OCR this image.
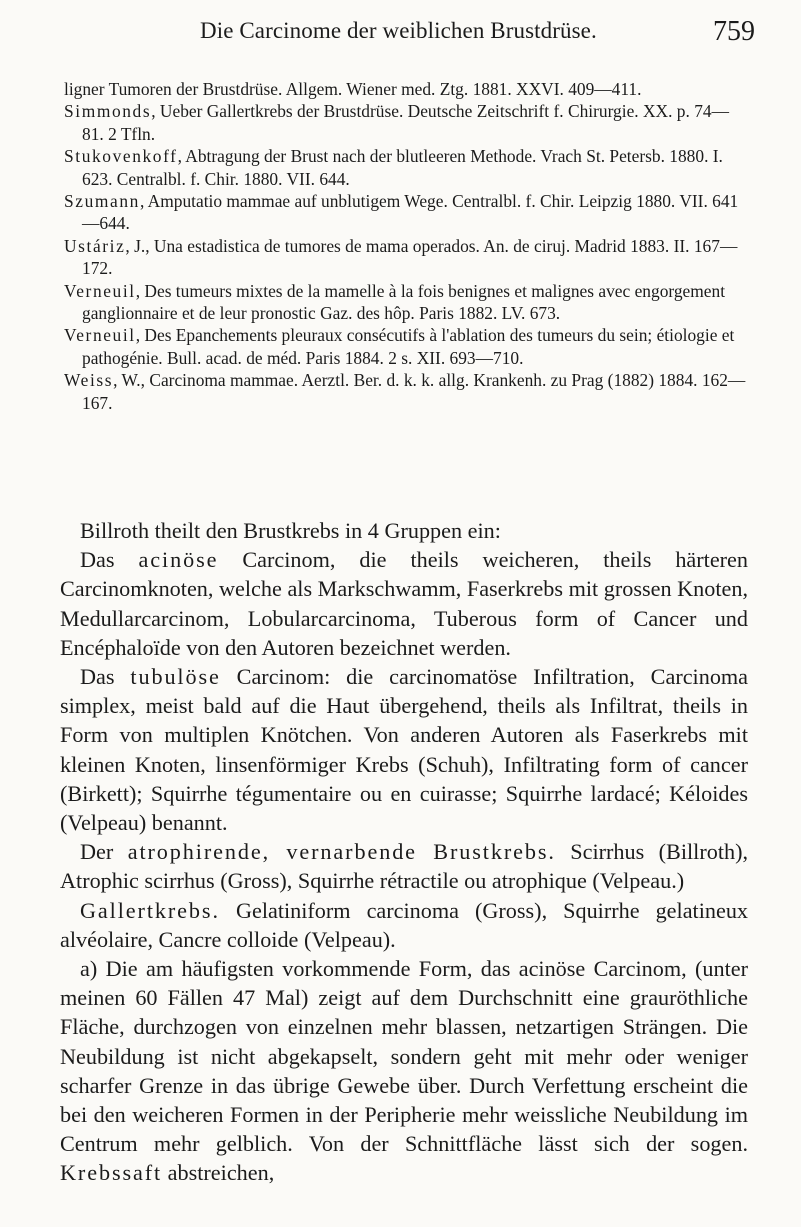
Die Carcinome der weiblichen Brustdrüse.	759

ligner Tumoren der Brustdrüse. Allgem. Wiener med. Ztg. 1881. XXVI. 409—411.

Simmonds, Ueber Gallertkrebs der Brustdrüse. Deutsche Zeitschrift f. Chirurgie. XX. p. 74—81. 2 Tfln.

Stukovenkoff, Abtragung der Brust nach der blutleeren Methode. Vrach St. Petersb. 1880. I. 623. Centralbl. f. Chir. 1880. VII. 644.

Szumann, Amputatio mammae auf unblutigem Wege. Centralbl. f. Chir. Leipzig 1880. VII. 641—644.

Ustáriz, J., Una estadistica de tumores de mama operados. An. de ciruj. Madrid 1883. II. 167—172.

Verneuil, Des tumeurs mixtes de la mamelle à la fois benignes et malignes avec engorgement ganglionnaire et de leur pronostic Gaz. des hôp. Paris 1882. LV. 673.

Verneuil, Des Epanchements pleuraux consécutifs à l'ablation des tumeurs du sein; étiologie et pathogénie. Bull. acad. de méd. Paris 1884. 2 s. XII. 693—710.

Weiss, W., Carcinoma mammae. Aerztl. Ber. d. k. k. allg. Krankenh. zu Prag (1882) 1884. 162—167.

Billroth theilt den Brustkrebs in 4 Gruppen ein:

Das acinöse Carcinom, die theils weicheren, theils härteren Carcinomknoten, welche als Markschwamm, Faserkrebs mit grossen Knoten, Medullarcarcinom, Lobularcarcinoma, Tuberous form of Cancer und Encéphaloïde von den Autoren bezeichnet werden.

Das tubulöse Carcinom: die carcinomatöse Infiltration, Carcinoma simplex, meist bald auf die Haut übergehend, theils als Infiltrat, theils in Form von multiplen Knötchen. Von anderen Autoren als Faserkrebs mit kleinen Knoten, linsenförmiger Krebs (Schuh), Infiltrating form of cancer (Birkett); Squirrhe tégumentaire ou en cuirasse; Squirrhe lardacé; Kéloides (Velpeau) benannt.

Der atrophirende, vernarbende Brustkrebs. Scirrhus (Billroth), Atrophic scirrhus (Gross), Squirrhe rétractile ou atrophique (Velpeau.)

Gallertkrebs. Gelatiniform carcinoma (Gross), Squirrhe gelatineux alvéolaire, Cancre colloide (Velpeau).

a) Die am häufigsten vorkommende Form, das acinöse Carcinom, (unter meinen 60 Fällen 47 Mal) zeigt auf dem Durchschnitt eine grauröthliche Fläche, durchzogen von einzelnen mehr blassen, netzartigen Strängen. Die Neubildung ist nicht abgekapselt, sondern geht mit mehr oder weniger scharfer Grenze in das übrige Gewebe über. Durch Verfettung erscheint die bei den weicheren Formen in der Peripherie mehr weissliche Neubildung im Centrum mehr gelblich. Von der Schnittfläche lässt sich der sogen. Krebssaft abstreichen,
